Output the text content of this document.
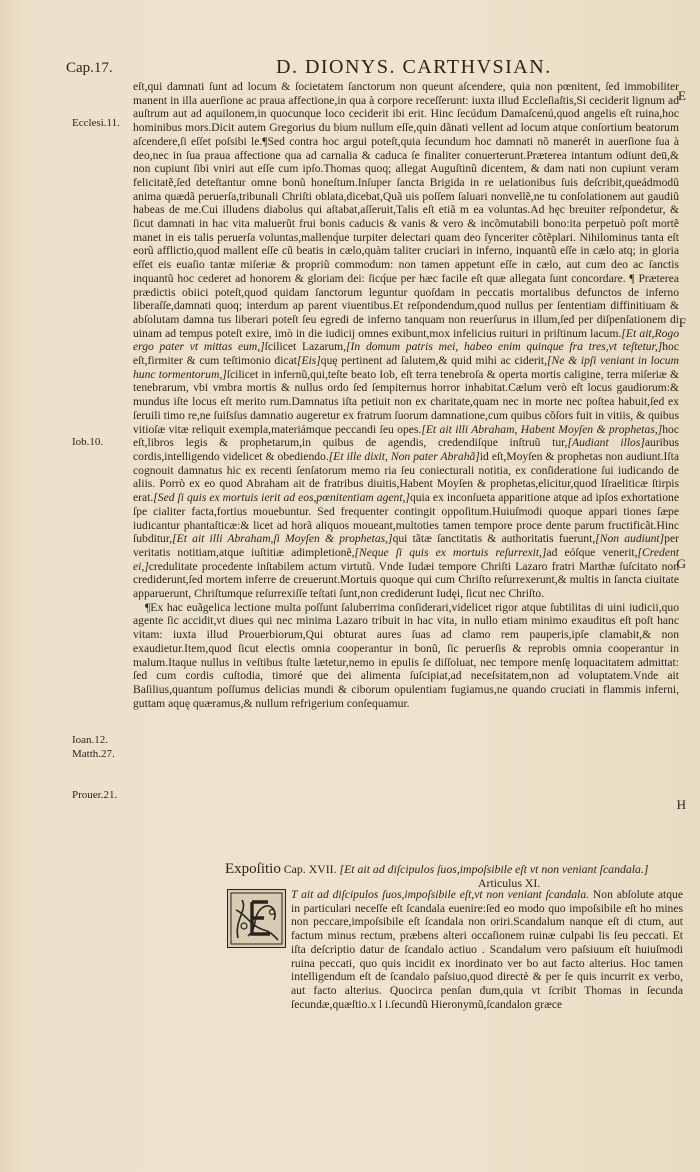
Cap.17.	D. DIONYS. CARTHVSIAN.
E
Ecclesi.11.
Iob.10.
Ioan.12.
Matth.27.
Prouer.21.
F
G
H

eſt,qui damnati ſunt ad locum & ſocietatem ſanctorum non queunt aſcendere, quia non pœnitent, ſed immobiliter manent in illa auerſione ac praua affectione,in qua à corpore receſſerunt: iuxta illud Eccleſiaſtis,Si ceciderit lignum ad auſtrum aut ad aquilonem,in quocunque loco ceciderit ibi erit. Hinc ſecúdum Damaſcenú,quod angelis eſt ruina,hoc hominibus mors.Dicit autem Gregorius du bium nullum eſſe,quin dãnati vellent ad locum atque conſortium beatorum aſcendere,ſi eſſet poſsibi le.¶Sed contra hoc argui poteſt,quia ſecundum hoc damnati nõ manerét in auerſione ſua à deo,nec in ſua praua affectione qua ad carnalia & caduca ſe finaliter conuerterunt.Præterea intantum odiunt deū,& non cupiunt ſibi vniri aut eſſe cum ipſo.Thomas quoq; allegat Auguſtinũ dicentem, & dam nati non cupiunt veram felicitatẽ,ſed deteſtantur omne bonũ honeſtum.Inſuper ſancta Brigida in re uelationibus ſuis deſcribit,queádmodũ anima quædã peruerſa,tribunali Chriſti oblata,dicebat,Quã uis poſſem ſaluari nonvellẽ,ne tu conſolationem aut gaudiũ habeas de me.Cui illudens diabolus qui aſtabat,aſſeruit,Talis eſt etiã m ea voluntas.Ad hęc breuiter reſpondetur, & ſicut damnati in hac vita maluerũt frui bonis caducis & vanis & vero & incõmutabili bono:ita perpetuò poſt mortẽ manet in eis talis peruerſa voluntas,mallenq́ue turpiter delectari quam deo ſynceriter cõtẽplari. Nihilominus tanta eſt eorũ afflictio,quod mallent eſſe cũ beatis in cælo,quàm taliter cruciari in inferno, inquantũ eſſe in cælo atq; in gloria eſſet eis euaſio tantæ miſeriæ & propriũ commodum: non tamen appetunt eſſe in cælo, aut cum deo ac ſanctis inquantũ hoc cederet ad honorem & gloriam dei: ſicq́ue per hæc facile eſt quæ allegata ſunt concordare. ¶ Præterea prædictis obiici poteſt,quod quidam ſanctorum leguntur quoſdam in peccatis mortalibus defunctos de inferno liberaſſe,damnati quoq; interdum ap parent viuentibus.Et reſpondendum,quod nullus per ſententiam diffinitiuam & abſolutam damna tus liberari poteſt ſeu egredi de inferno tanquam non reuerſurus in illum,ſed per diſpenſationem di uinam ad tempus poteſt exire, imò in die iudicij omnes exibunt,mox infelicius ruituri in priſtinum lacum.[Et ait,Rogo ergo pater vt mittas eum,]ſcilicet Lazarum,[In domum patris mei, habeo enim quinque fra tres,vt teſtetur,]hoc eſt,firmiter & cum teſtimonio dicat[Eis]quę pertinent ad ſalutem,& quid mihi ac ciderit,[Ne & ipſi veniant in locum hunc tormentorum,]ſcilicet in infernũ,qui,teſte beato Iob, eſt terra tenebroſa & operta mortis caligine, terra miſeriæ & tenebrarum, vbi vmbra mortis & nullus ordo ſed ſempiternus horror inhabitat.Cælum verò eſt locus gaudiorum:& mundus iſte locus eſt merito rum.Damnatus iſta petiuit non ex charitate,quam nec in morte nec poſtea habuit,ſed ex ſeruili timo re,ne ſuiſsſus damnatio augeretur ex fratrum ſuorum damnatione,cum quibus cõſors fuit in vitiis, & quibus vitioſæ vitæ reliquit exempla,materiámque peccandi ſeu opes.[Et ait illi Abraham, Habent Moyſen & prophetas,]hoc eſt,libros legis & prophetarum,in quibus de agendis, credendiſque inſtruũ tur,[Audiant illos]auribus cordis,intelligendo videlicet & obediendo.[Et ille dixit, Non pater Abrahã]id eſt,Moyſen & prophetas non audiunt.Iſta cognouit damnatus hic ex recenti ſenſatorum memo ria ſeu coniecturali notitia, ex conſideratione ſui iudicando de aliis. Porrò ex eo quod Abraham ait de fratribus diuitis,Habent Moyſen & prophetas,elicitur,quod Iſraeliticæ ſtirpis erat.[Sed ſi quis ex mortuis ierit ad eos,pœnitentiam agent,]quia ex inconſueta apparitione atque ad ipſos exhortatione ſpe cialiter facta,fortius mouebuntur. Sed frequenter contingit oppoſitum.Huiuſmodi quoque appari tiones ſæpe iudicantur phantaſticæ:& licet ad horã aliquos moueant,multoties tamen tempore proce dente parum fructificãt.Hinc ſubditur,[Et ait illi Abraham,ſi Moyſen & prophetas,]qui tãtæ ſanctitatis & authoritatis fuerunt,[Non audiunt]per veritatis notitiam,atque iuſtitiæ adimpletionẽ,[Neque ſi quis ex mortuis reſurrexit,]ad eóſque venerit,[Credent ei,]credulitate procedente inſtabilem actum virtutũ. Vnde Iudæi tempore Chriſti Lazaro fratri Marthæ ſuſcitato non crediderunt,ſed mortem inferre de creuerunt.Mortuis quoque qui cum Chriſto reſurrexerunt,& multis in ſancta ciuitate apparuerunt, Chriſtumque reſurrexiſſe teſtati ſunt,non crediderunt Iudęi, ſicut nec Chriſto.

¶Ex hac euãgelica lectione multa poſſunt ſaluberrima conſiderari,videlicet rigor atque ſubtilitas di uini iudicii,quo agente ſic accidit,vt diues qui nec minima Lazaro tribuit in hac vita, in nullo etiam minimo exauditus eſt poſt hanc vitam: iuxta illud Prouerbiorum,Qui obturat aures ſuas ad clamo rem pauperis,ipſe clamabit,& non exaudietur.Item,quod ſicut electis omnia cooperantur in bonũ, ſic peruerſis & reprobis omnia cooperantur in malum.Itaque nullus in veſtibus ſtulte lætetur,nemo in epulis ſe diſſoluat, nec tempore menſę loquacitatem admittat: ſed cum cordis cuſtodia, timoré que dei alimenta ſuſcipiat,ad neceſsitatem,non ad voluptatem.Vnde ait Baſilius,quantum poſſumus delicias mundi & ciborum opulentiam fugiamus,ne quando cruciati in flammis inferni, guttam aquę quæramus,& nullum refrigerium conſequamur.

Expoſitio Cap. XVII. [Et ait ad diſcipulos ſuos,impoſsibile eſt vt non veniant ſcandala.]
Articulus XI.
T ait ad diſcipulos ſuos,impoſsibile eſt,vt non veniant ſcandala. Non abſolute atque in particulari neceſſe eſt ſcandala euenire:ſed eo modo quo impoſsibile eſt ho mines non peccare,impoſsibile eſt ſcandala non oriri.Scandalum nanque eſt di ctum, aut factum minus rectum, præbens alteri occaſionem ruinæ culpabi lis ſeu peccati. Et iſta deſcriptio datur de ſcandalo actiuo . Scandalum vero paſsiuum eſt huiuſmodi ruina peccati, quo quis incidit ex inordinato ver bo aut facto alterius. Hoc tamen intelligendum eſt de ſcandalo paſsiuo,quod directè & per ſe quis incurrit ex verbo, aut facto alterius. Quocirca penſan dum,quia vt ſcribit Thomas in ſecunda ſecundæ,quæſtio.x l i.ſecundũ Hieronymũ,ſcandalon græce
